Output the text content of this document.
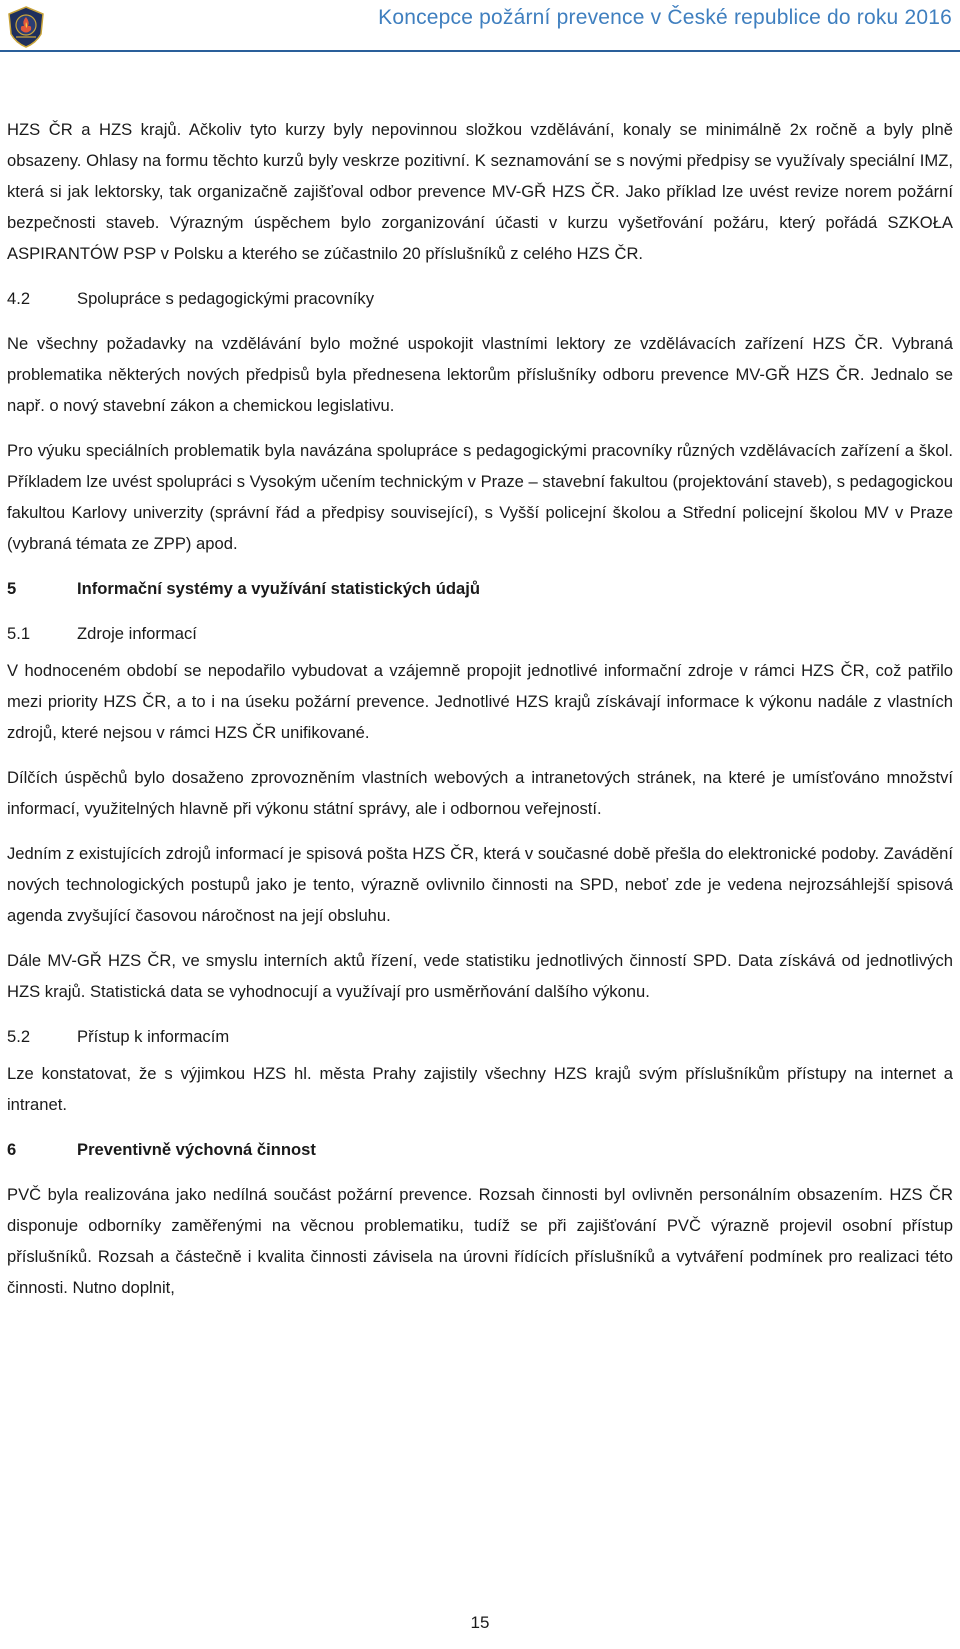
Koncepce požární prevence v České republice do roku 2016

HZS ČR a HZS krajů. Ačkoliv tyto kurzy byly nepovinnou složkou vzdělávání, konaly se minimálně 2x ročně a byly plně obsazeny. Ohlasy na formu těchto kurzů byly veskrze pozitivní. K seznamování se s novými předpisy se využívaly speciální IMZ, která si jak lektorsky, tak organizačně zajišťoval odbor prevence MV-GŘ HZS ČR. Jako příklad lze uvést revize norem požární bezpečnosti staveb. Výrazným úspěchem bylo zorganizování účasti v kurzu vyšetřování požáru, který pořádá SZKOŁA ASPIRANTÓW PSP v Polsku a kterého se zúčastnilo 20 příslušníků z celého HZS ČR.

4.2	Spolupráce s pedagogickými pracovníky

Ne všechny požadavky na vzdělávání bylo možné uspokojit vlastními lektory ze vzdělávacích zařízení HZS ČR. Vybraná problematika některých nových předpisů byla přednesena lektorům příslušníky odboru prevence MV-GŘ HZS ČR. Jednalo se např. o nový stavební zákon a chemickou legislativu.

Pro výuku speciálních problematik byla navázána spolupráce s pedagogickými pracovníky různých vzdělávacích zařízení a škol. Příkladem lze uvést spolupráci s Vysokým učením technickým v Praze – stavební fakultou (projektování staveb), s pedagogickou fakultou Karlovy univerzity (správní řád a předpisy související), s Vyšší policejní školou a Střední policejní školou MV v Praze (vybraná témata ze ZPP) apod.

5	Informační systémy a využívání statistických údajů
5.1	Zdroje informací

V hodnoceném období se nepodařilo vybudovat a vzájemně propojit jednotlivé informační zdroje v rámci HZS ČR, což patřilo mezi priority HZS ČR, a to i na úseku požární prevence. Jednotlivé HZS krajů získávají informace k výkonu nadále z vlastních zdrojů, které nejsou v rámci HZS ČR unifikované.

Dílčích úspěchů bylo dosaženo zprovozněním vlastních webových a intranetových stránek, na které je umísťováno množství informací, využitelných hlavně při výkonu státní správy, ale i odbornou veřejností.

Jedním z existujících zdrojů informací je spisová pošta HZS ČR, která v současné době přešla do elektronické podoby. Zavádění nových technologických postupů jako je tento, výrazně ovlivnilo činnosti na SPD, neboť zde je vedena nejrozsáhlejší spisová agenda zvyšující časovou náročnost na její obsluhu.

Dále MV-GŘ HZS ČR, ve smyslu interních aktů řízení, vede statistiku jednotlivých činností SPD. Data získává od jednotlivých HZS krajů. Statistická data se vyhodnocují a využívají pro usměrňování dalšího výkonu.

5.2	Přístup k informacím

Lze konstatovat, že s výjimkou HZS hl. města Prahy zajistily všechny HZS krajů svým příslušníkům přístupy na internet a intranet.

6	Preventivně výchovná činnost

PVČ byla realizována jako nedílná součást požární prevence. Rozsah činnosti byl ovlivněn personálním obsazením. HZS ČR disponuje odborníky zaměřenými na věcnou problematiku, tudíž se při zajišťování PVČ výrazně projevil osobní přístup příslušníků. Rozsah a částečně i kvalita činnosti závisela na úrovni řídících příslušníků a vytváření podmínek pro realizaci této činnosti. Nutno doplnit,

15
